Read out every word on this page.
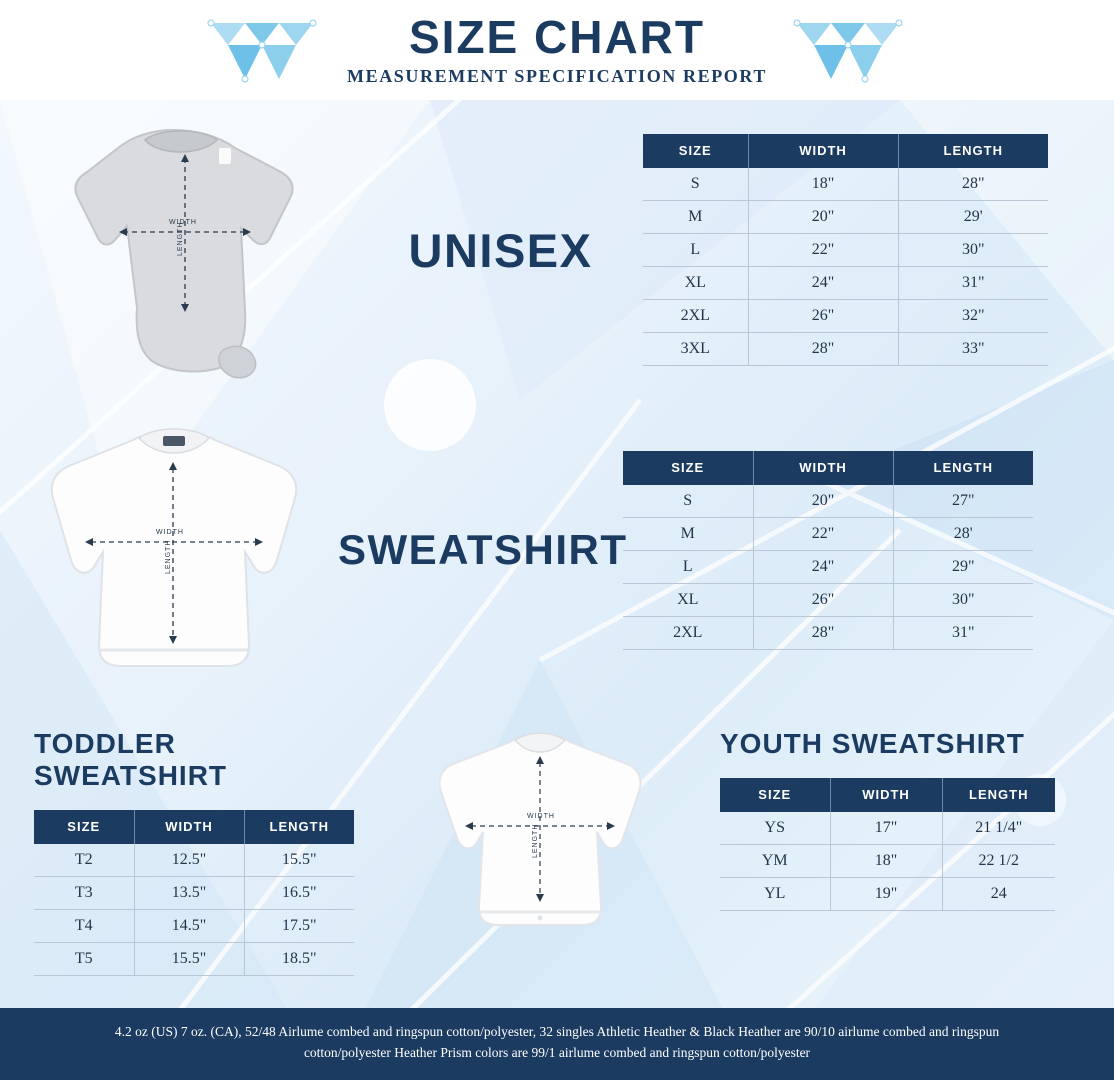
SIZE CHART
MEASUREMENT SPECIFICATION REPORT
WIDTH
LENGTH	UNISEX
SIZE	WIDTH	LENGTH
S	18"	28"
M	20"	29'
L	22"	30"
XL	24"	31"
2XL	26"	32"
3XL	28"	33"
WIDTH
LENGTH	SWEATSHIRT
SIZE	WIDTH	LENGTH
S	20"	27"
M	22"	28'
L	24"	29"
XL	26"	30"
2XL	28"	31"
TODDLER SWEATSHIRT
SIZE	WIDTH	LENGTH
T2	12.5"	15.5"
T3	13.5"	16.5"
T4	14.5"	17.5"
T5	15.5"	18.5"
WIDTH
LENGTH
YOUTH SWEATSHIRT
SIZE	WIDTH	LENGTH
YS	17"	21 1/4"
YM	18"	22 1/2
YL	19"	24
4.2 oz (US) 7 oz. (CA), 52/48 Airlume combed and ringspun cotton/polyester, 32 singles Athletic Heather & Black Heather are 90/10 airlume combed and ringspun cotton/polyester Heather Prism colors are 99/1 airlume combed and ringspun cotton/polyester
